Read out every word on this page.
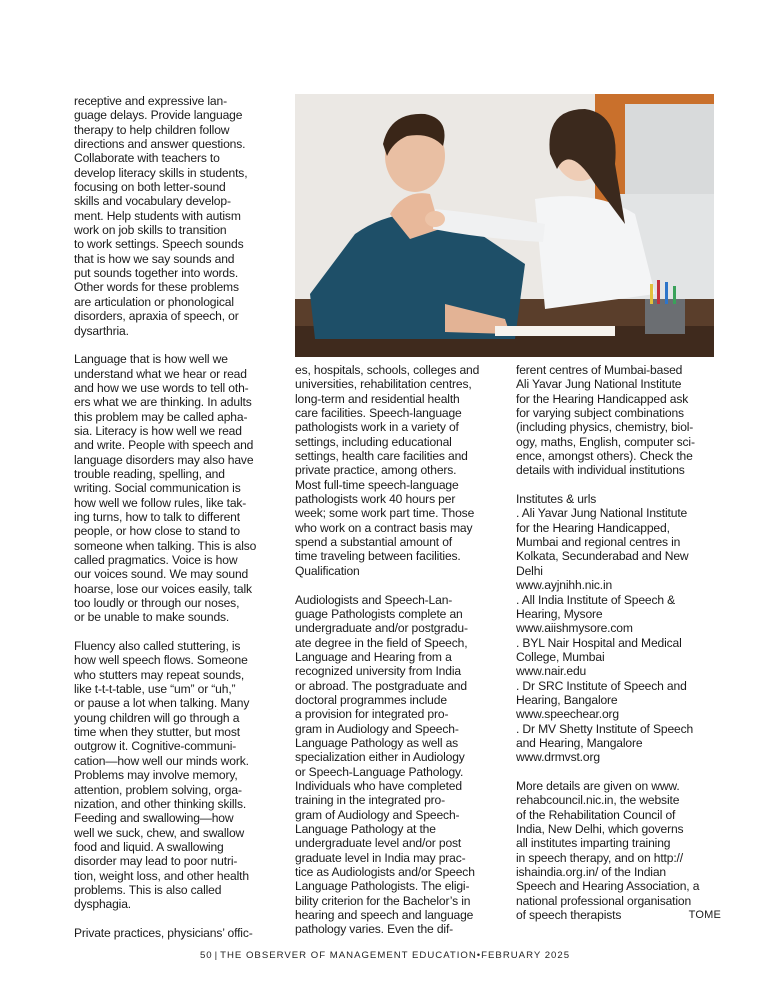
receptive and expressive lan-
guage delays. Provide language
therapy to help children follow
directions and answer questions.
Collaborate with teachers to
develop literacy skills in students,
focusing on both letter-sound
skills and vocabulary develop-
ment. Help students with autism
work on job skills to transition
to work settings. Speech sounds
that is how we say sounds and
put sounds together into words.
Other words for these problems
are articulation or phonological
disorders, apraxia of speech, or
dysarthria.

Language that is how well we
understand what we hear or read
and how we use words to tell oth-
ers what we are thinking. In adults
this problem may be called apha-
sia. Literacy is how well we read
and write. People with speech and
language disorders may also have
trouble reading, spelling, and
writing. Social communication is
how well we follow rules, like tak-
ing turns, how to talk to different
people, or how close to stand to
someone when talking. This is also
called pragmatics. Voice is how
our voices sound. We may sound
hoarse, lose our voices easily, talk
too loudly or through our noses,
or be unable to make sounds.

Fluency also called stuttering, is
how well speech flows. Someone
who stutters may repeat sounds,
like t-t-t-table, use “um” or “uh,”
or pause a lot when talking. Many
young children will go through a
time when they stutter, but most
outgrow it. Cognitive-communi-
cation—how well our minds work.
Problems may involve memory,
attention, problem solving, orga-
nization, and other thinking skills.
Feeding and swallowing—how
well we suck, chew, and swallow
food and liquid. A swallowing
disorder may lead to poor nutri-
tion, weight loss, and other health
problems. This is also called
dysphagia.

Private practices, physicians’ offic-

es, hospitals, schools, colleges and
universities, rehabilitation centres,
long-term and residential health
care facilities. Speech-language
pathologists work in a variety of
settings, including educational
settings, health care facilities and
private practice, among others.
Most full-time speech-language
pathologists work 40 hours per
week; some work part time. Those
who work on a contract basis may
spend a substantial amount of
time traveling between facilities.
Qualification

Audiologists and Speech-Lan-
guage Pathologists complete an
undergraduate and/or postgradu-
ate degree in the field of Speech,
Language and Hearing from a
recognized university from India
or abroad. The postgraduate and
doctoral programmes include
a provision for integrated pro-
gram in Audiology and Speech-
Language Pathology as well as
specialization either in Audiology
or Speech-Language Pathology.
Individuals who have completed
training in the integrated pro-
gram of Audiology and Speech-
Language Pathology at the
undergraduate level and/or post
graduate level in India may prac-
tice as Audiologists and/or Speech
Language Pathologists. The eligi-
bility criterion for the Bachelor’s in
hearing and speech and language
pathology varies. Even the dif-

ferent centres of Mumbai-based
Ali Yavar Jung National Institute
for the Hearing Handicapped ask
for varying subject combinations
(including physics, chemistry, biol-
ogy, maths, English, computer sci-
ence, amongst others). Check the
details with individual institutions

Institutes & urls
. Ali Yavar Jung National Institute
for the Hearing Handicapped,
Mumbai and regional centres in
Kolkata, Secunderabad and New
Delhi
www.ayjnihh.nic.in
. All India Institute of Speech &
Hearing, Mysore
www.aiishmysore.com
. BYL Nair Hospital and Medical
College, Mumbai
www.nair.edu
. Dr SRC Institute of Speech and
Hearing, Bangalore
www.speechear.org
. Dr MV Shetty Institute of Speech
and Hearing, Mangalore
www.drmvst.org

More details are given on www.
rehabcouncil.nic.in, the website
of the Rehabilitation Council of
India, New Delhi, which governs
all institutes imparting training
in speech therapy, and on http://
ishaindia.org.in/ of the Indian
Speech and Hearing Association, a
national professional organisation
of speech therapists	TOME
50 | THE OBSERVER OF MANAGEMENT EDUCATION•FEBRUARY 2025
